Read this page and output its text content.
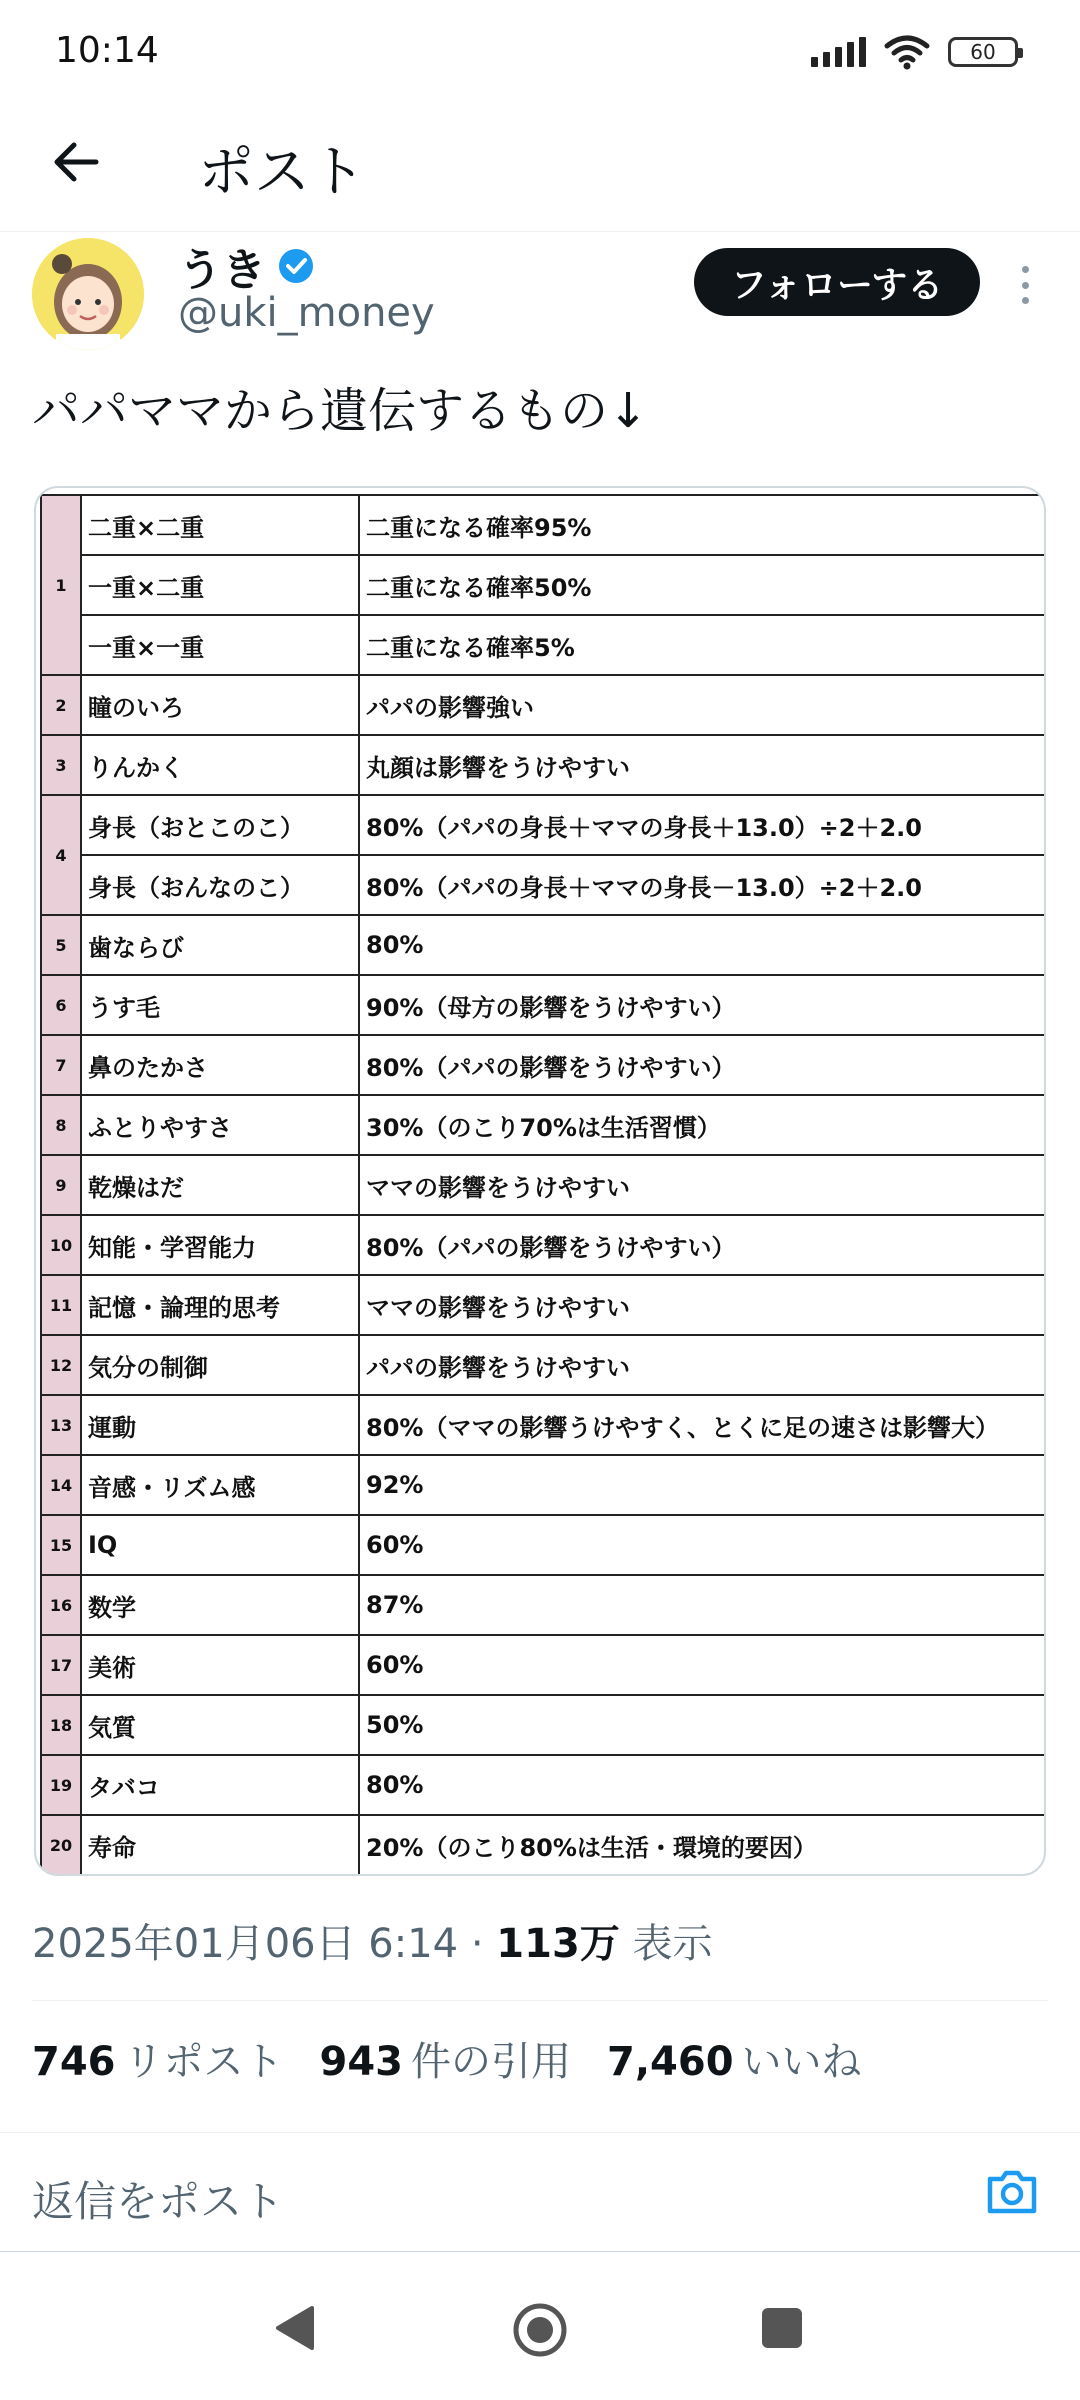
10:14	60
ポスト
うき
@uki_money
フォローする
パパママから遺伝するもの↓
1	二重×二重	二重になる確率95%
	一重×二重	二重になる確率50%
	一重×一重	二重になる確率5%
2	瞳のいろ	パパの影響強い
3	りんかく	丸顔は影響をうけやすい
4	身長（おとこのこ）	80%（パパの身長＋ママの身長＋13.0）÷2＋2.0
	身長（おんなのこ）	80%（パパの身長＋ママの身長－13.0）÷2＋2.0
5	歯ならび	80%
6	うす毛	90%（母方の影響をうけやすい）
7	鼻のたかさ	80%（パパの影響をうけやすい）
8	ふとりやすさ	30%（のこり70%は生活習慣）
9	乾燥はだ	ママの影響をうけやすい
10	知能・学習能力	80%（パパの影響をうけやすい）
11	記憶・論理的思考	ママの影響をうけやすい
12	気分の制御	パパの影響をうけやすい
13	運動	80%（ママの影響うけやすく、とくに足の速さは影響大）
14	音感・リズム感	92%
15	IQ	60%
16	数学	87%
17	美術	60%
18	気質	50%
19	タバコ	80%
20	寿命	20%（のこり80%は生活・環境的要因）
2025年01月06日 6:14 · 113万 表示
746 リポスト 943 件の引用 7,460 いいね
返信をポスト
